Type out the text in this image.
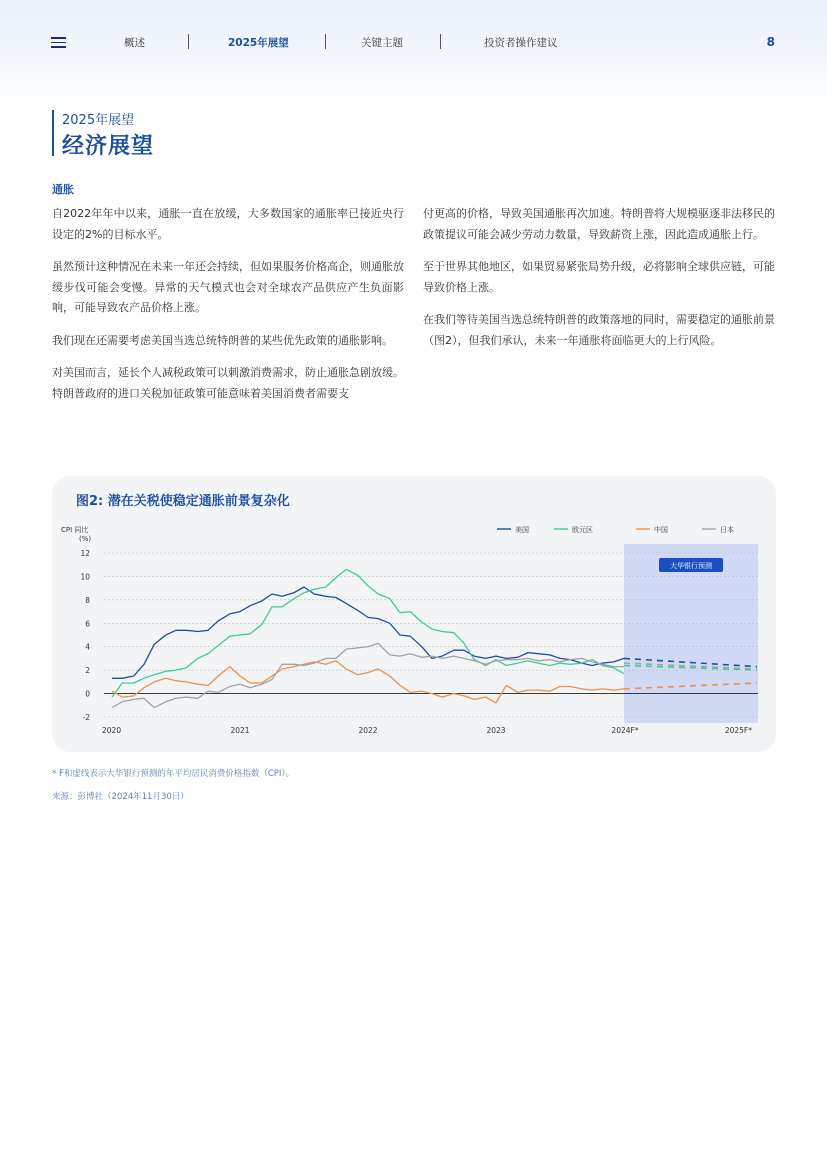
概述	2025年展望	关键主题	投资者操作建议	8
2025年展望
经济展望
通胀

自2022年年中以来，通胀一直在放缓，大多数国家的通胀率已接近央行设定的2%的目标水平。

虽然预计这种情况在未来一年还会持续，但如果服务价格高企，则通胀放缓步伐可能会变慢。异常的天气模式也会对全球农产品供应产生负面影响，可能导致农产品价格上涨。

我们现在还需要考虑美国当选总统特朗普的某些优先政策的通胀影响。

对美国而言，延长个人减税政策可以刺激消费需求，防止通胀急剧放缓。特朗普政府的进口关税加征政策可能意味着美国消费者需要支

付更高的价格，导致美国通胀再次加速。特朗普将大规模驱逐非法移民的政策提议可能会减少劳动力数量，导致薪资上涨，因此造成通胀上行。

至于世界其他地区，如果贸易紧张局势升级，必将影响全球供应链，可能导致价格上涨。

在我们等待美国当选总统特朗普的政策落地的同时，需要稳定的通胀前景（图2），但我们承认，未来一年通胀将面临更大的上行风险。

图2: 潜在关税使稳定通胀前景复杂化
大华银行预测
12
10
8
6
4
2
0
-2
CPI 同比
(%)
2020	2021	2022	2023	2024F*	2025F*
美国	欧元区	中国	日本
* F和虚线表示大华银行预测的年平均居民消费价格指数（CPI）。
来源：彭博社（2024年11月30日）
